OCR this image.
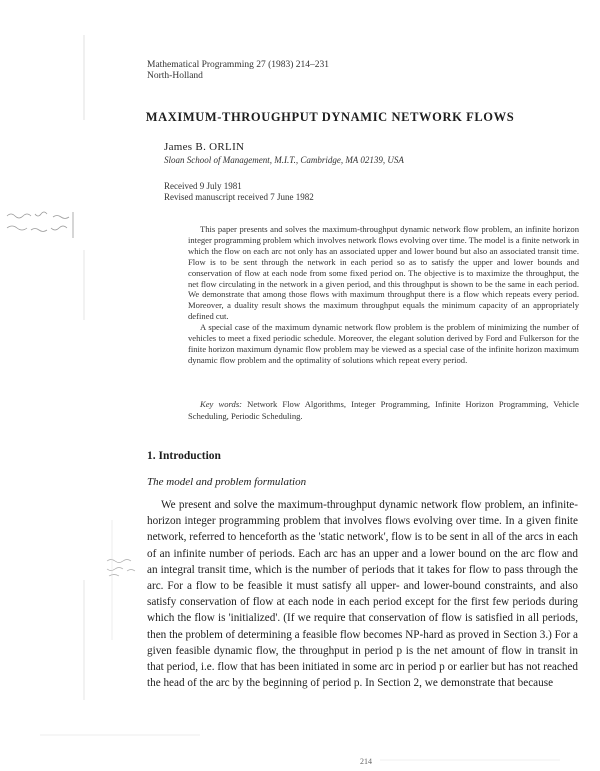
Mathematical Programming 27 (1983) 214–231
North-Holland
MAXIMUM-THROUGHPUT DYNAMIC NETWORK FLOWS
James B. ORLIN
Sloan School of Management, M.I.T., Cambridge, MA 02139, USA
Received 9 July 1981
Revised manuscript received 7 June 1982

This paper presents and solves the maximum-throughput dynamic network flow problem, an infinite horizon integer programming problem which involves network flows evolving over time. The model is a finite network in which the flow on each arc not only has an associated upper and lower bound but also an associated transit time. Flow is to be sent through the network in each period so as to satisfy the upper and lower bounds and conservation of flow at each node from some fixed period on. The objective is to maximize the throughput, the net flow circulating in the network in a given period, and this throughput is shown to be the same in each period. We demonstrate that among those flows with maximum throughput there is a flow which repeats every period. Moreover, a duality result shows the maximum throughput equals the minimum capacity of an appropriately defined cut.

A special case of the maximum dynamic network flow problem is the problem of minimizing the number of vehicles to meet a fixed periodic schedule. Moreover, the elegant solution derived by Ford and Fulkerson for the finite horizon maximum dynamic flow problem may be viewed as a special case of the infinite horizon maximum dynamic flow problem and the optimality of solutions which repeat every period.

Key words: Network Flow Algorithms, Integer Programming, Infinite Horizon Programming, Vehicle Scheduling, Periodic Scheduling.

1. Introduction
The model and problem formulation

We present and solve the maximum-throughput dynamic network flow problem, an infinite-horizon integer programming problem that involves flows evolving over time. In a given finite network, referred to henceforth as the 'static network', flow is to be sent in all of the arcs in each of an infinite number of periods. Each arc has an upper and a lower bound on the arc flow and an integral transit time, which is the number of periods that it takes for flow to pass through the arc. For a flow to be feasible it must satisfy all upper- and lower-bound constraints, and also satisfy conservation of flow at each node in each period except for the first few periods during which the flow is 'initialized'. (If we require that conservation of flow is satisfied in all periods, then the problem of determining a feasible flow becomes NP-hard as proved in Section 3.) For a given feasible dynamic flow, the throughput in period p is the net amount of flow in transit in that period, i.e. flow that has been initiated in some arc in period p or earlier but has not reached the head of the arc by the beginning of period p. In Section 2, we demonstrate that because

214
